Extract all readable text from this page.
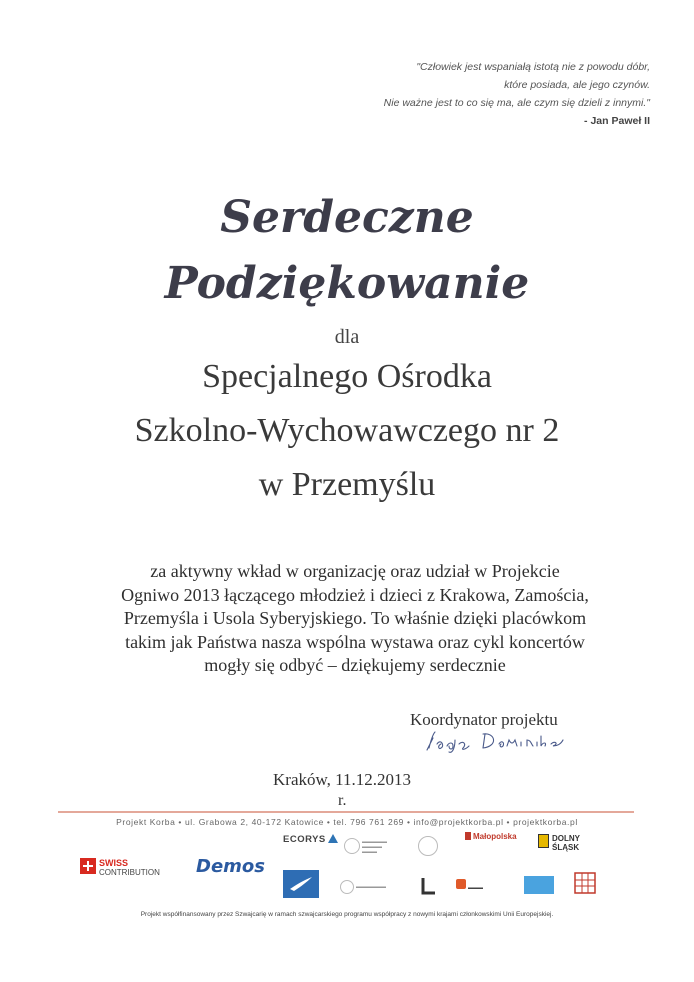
"Człowiek jest wspaniałą istotą nie z powodu dóbr,
które posiada, ale jego czynów.
Nie ważne jest to co się ma, ale czym się dzieli z innymi."
- Jan Paweł II
Serdeczne
Podziękowanie
dla
Specjalnego Ośrodka
Szkolno-Wychowawczego nr 2
w Przemyślu
za aktywny wkład w organizację oraz udział w Projekcie
Ogniwo 2013 łączącego młodzież i dzieci z Krakowa, Zamościa,
Przemyśla i Usola Syberyjskiego. To właśnie dzięki placówkom
takim jak Państwa nasza wspólna wystawa oraz cykl koncertów
mogły się odbyć – dziękujemy serdecznie
Koordynator projektu
Kraków, 11.12.2013
r.
Projekt Korba • ul. Grabowa 2, 40-172 Katowice • tel. 796 761 269 • info@projektkorba.pl • projektkorba.pl
ECORYS	▬▬▬▬▬
▬▬▬▬
▬▬▬
Małopolska	DOLNY
ŚLĄSK
SWISS
CONTRIBUTION Demos
▬▬▬▬▬▬	▬▬▬
Projekt współfinansowany przez Szwajcarię w ramach szwajcarskiego programu współpracy z nowymi krajami członkowskimi Unii Europejskiej.
